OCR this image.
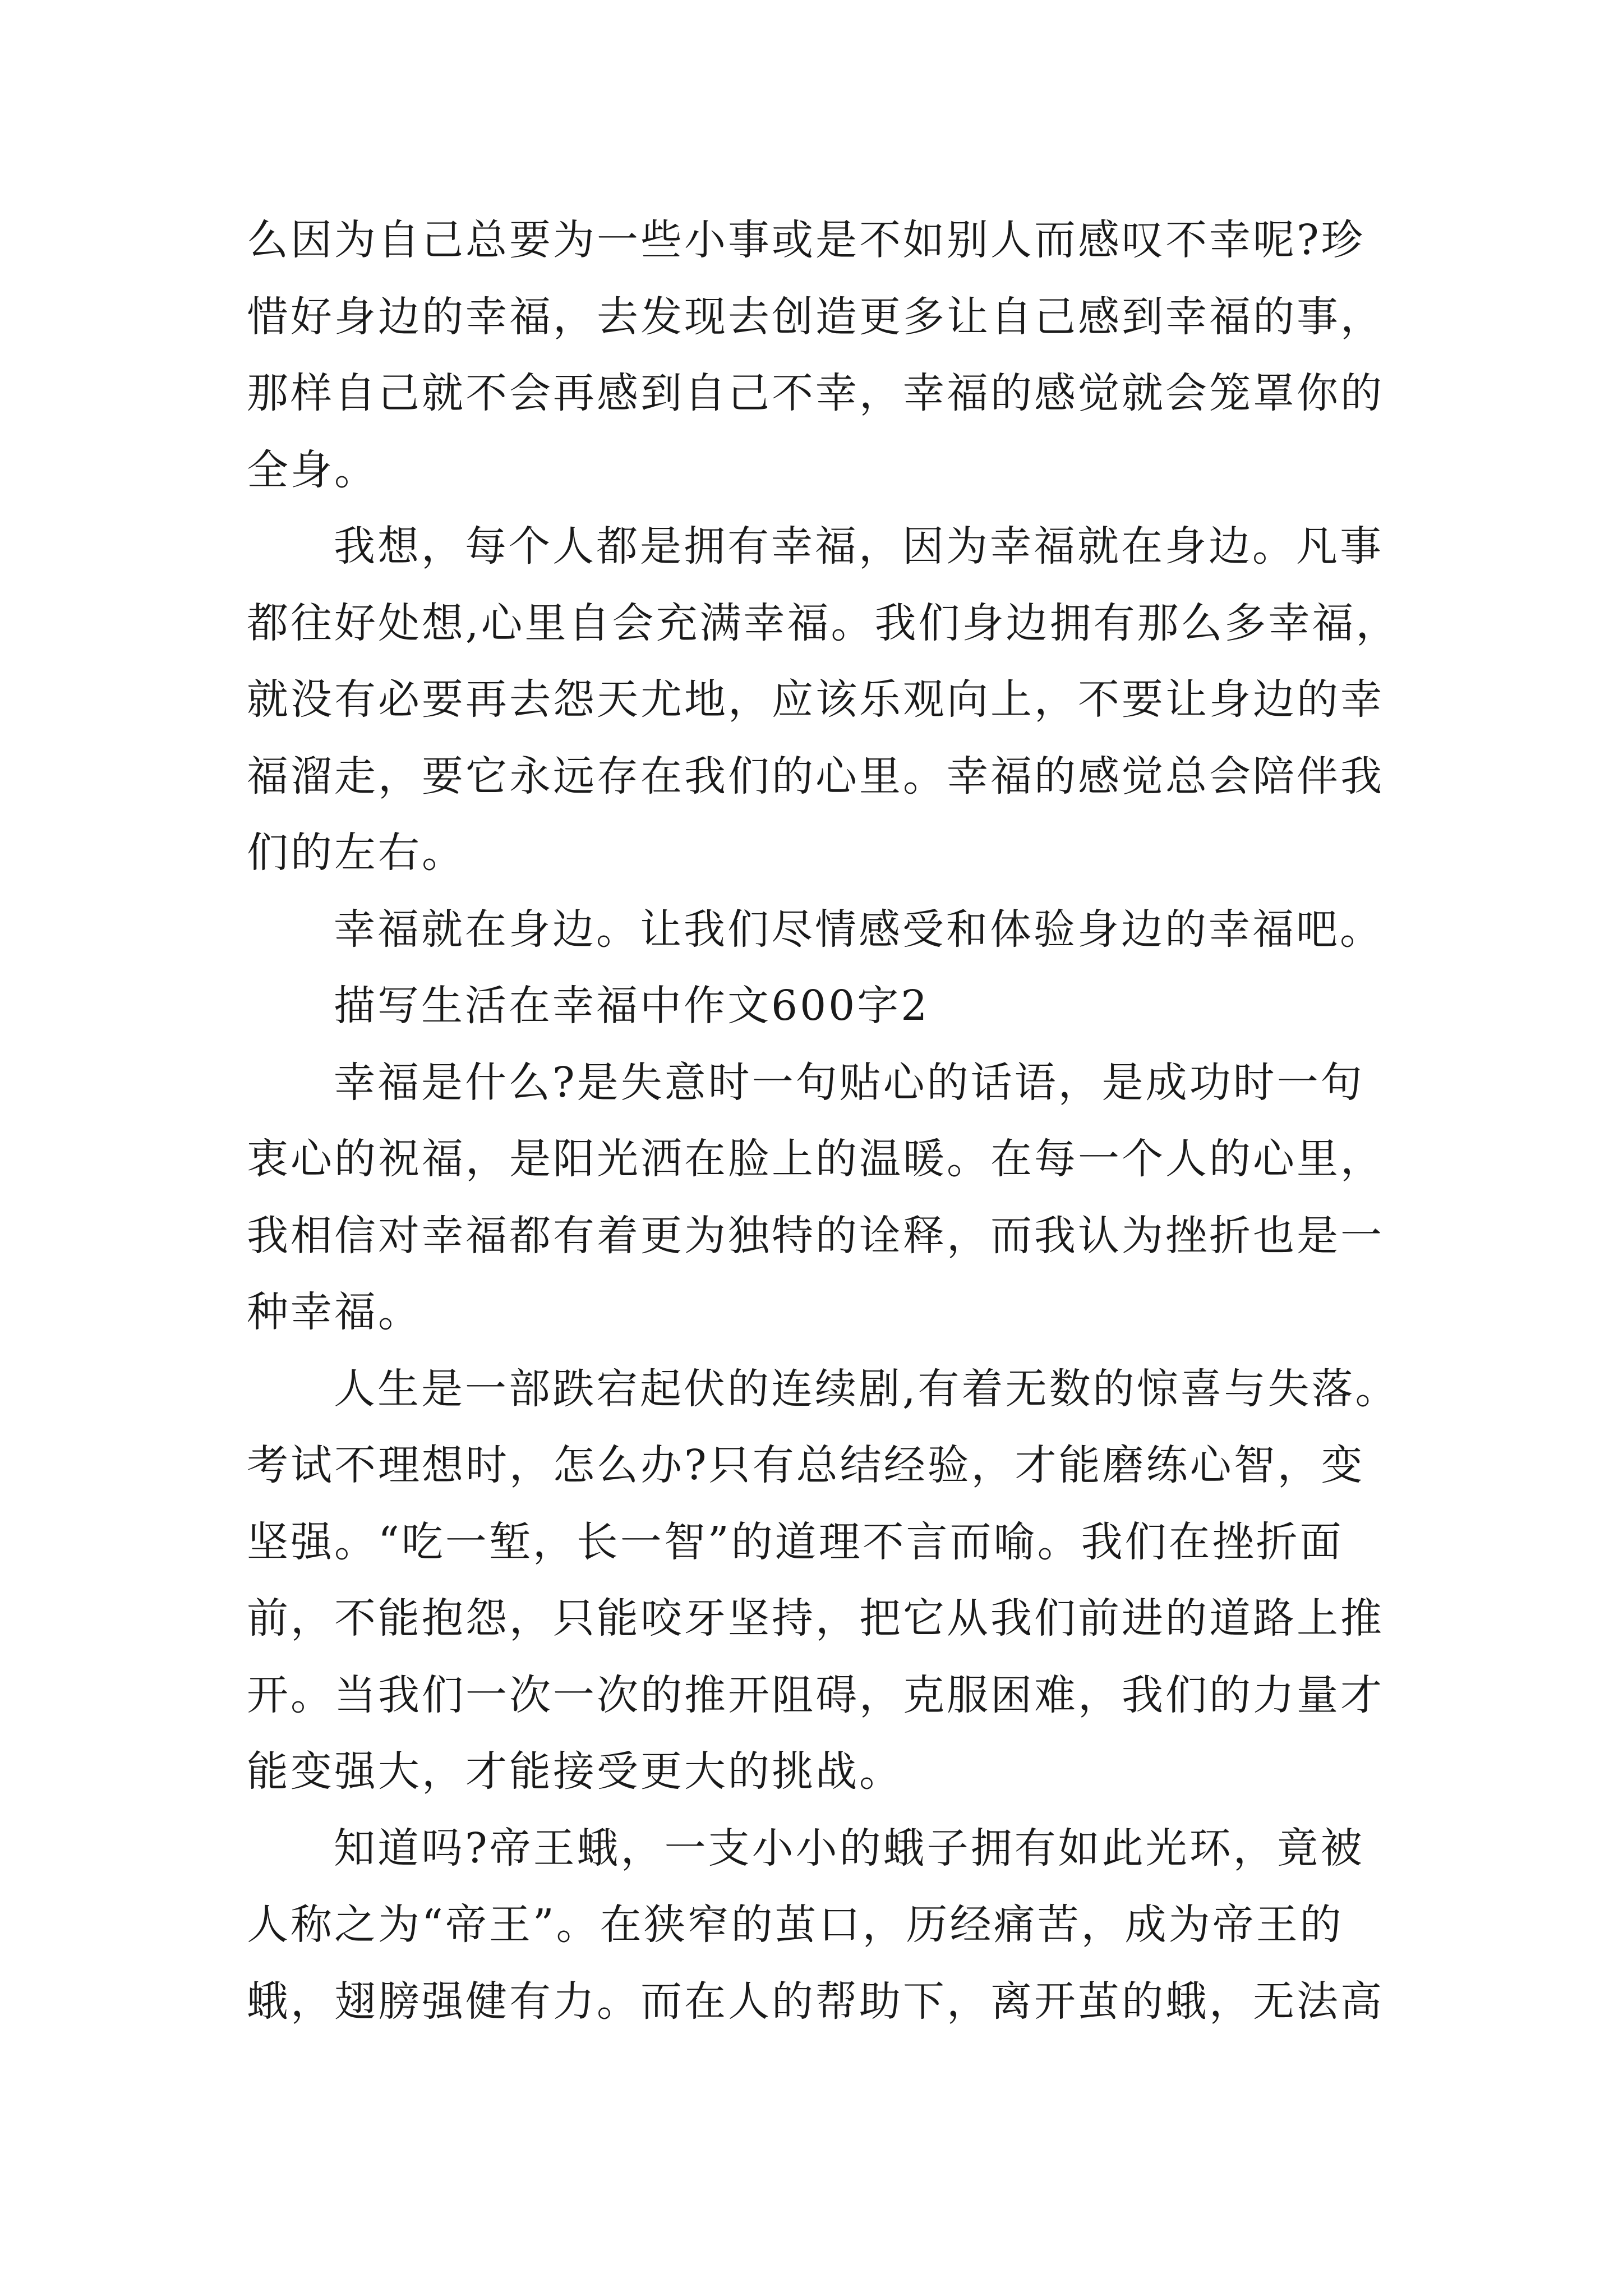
么因为自己总要为一些小事或是不如别人而感叹不幸呢?珍
惜好身边的幸福，去发现去创造更多让自己感到幸福的事，
那样自己就不会再感到自己不幸，幸福的感觉就会笼罩你的
全身。
我想，每个人都是拥有幸福，因为幸福就在身边。凡事
都往好处想,心里自会充满幸福。我们身边拥有那么多幸福，
就没有必要再去怨天尤地，应该乐观向上，不要让身边的幸
福溜走，要它永远存在我们的心里。幸福的感觉总会陪伴我
们的左右。
幸福就在身边。让我们尽情感受和体验身边的幸福吧。
描写生活在幸福中作文600字2
幸福是什么?是失意时一句贴心的话语，是成功时一句
衷心的祝福，是阳光洒在脸上的温暖。在每一个人的心里，
我相信对幸福都有着更为独特的诠释，而我认为挫折也是一
种幸福。
人生是一部跌宕起伏的连续剧,有着无数的惊喜与失落。
考试不理想时，怎么办?只有总结经验，才能磨练心智，变
坚强。“吃一堑，长一智”的道理不言而喻。我们在挫折面
前，不能抱怨，只能咬牙坚持，把它从我们前进的道路上推
开。当我们一次一次的推开阻碍，克服困难，我们的力量才
能变强大，才能接受更大的挑战。
知道吗?帝王蛾，一支小小的蛾子拥有如此光环，竟被
人称之为“帝王”。在狭窄的茧口，历经痛苦，成为帝王的
蛾，翅膀强健有力。而在人的帮助下，离开茧的蛾，无法高
